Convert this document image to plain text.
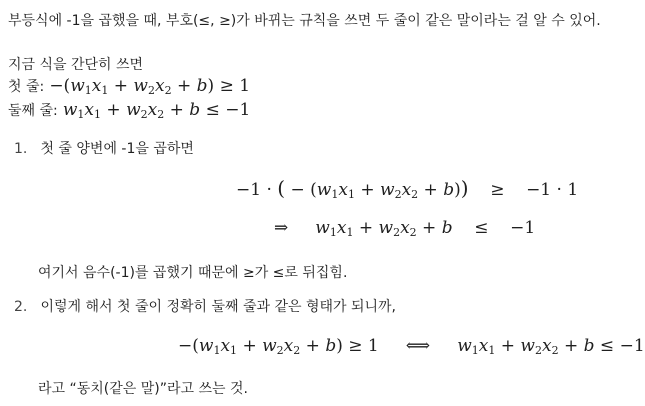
부등식에 -1을 곱했을 때, 부호(≤, ≥)가 바뀌는 규칙을 쓰면 두 줄이 같은 말이라는 걸 알 수 있어.
지금 식을 간단히 쓰면
첫 줄: $-(w_1x_1 + w_2x_2 + b) \ge 1$
둘째 줄: $w_1x_1 + w_2x_2 + b \le -1$
1. 첫 줄 양변에 -1을 곱하면
−1 · ( − $(w_1x_1 + w_2x_2 + b)) \ge -1 \cdot 1$
⇒ $w_1x_1 + w_2x_2 + b \le -1$
여기서 음수(-1)를 곱했기 때문에 ≥가 ≤로 뒤집힘.
2. 이렇게 해서 첫 줄이 정확히 둘째 줄과 같은 형태가 되니까,
$-(w_1x_1 + w_2x_2 + b) \ge 1$ ⟺ $w_1x_1 + w_2x_2 + b \le -1$
라고 “동치(같은 말)”라고 쓰는 것.
